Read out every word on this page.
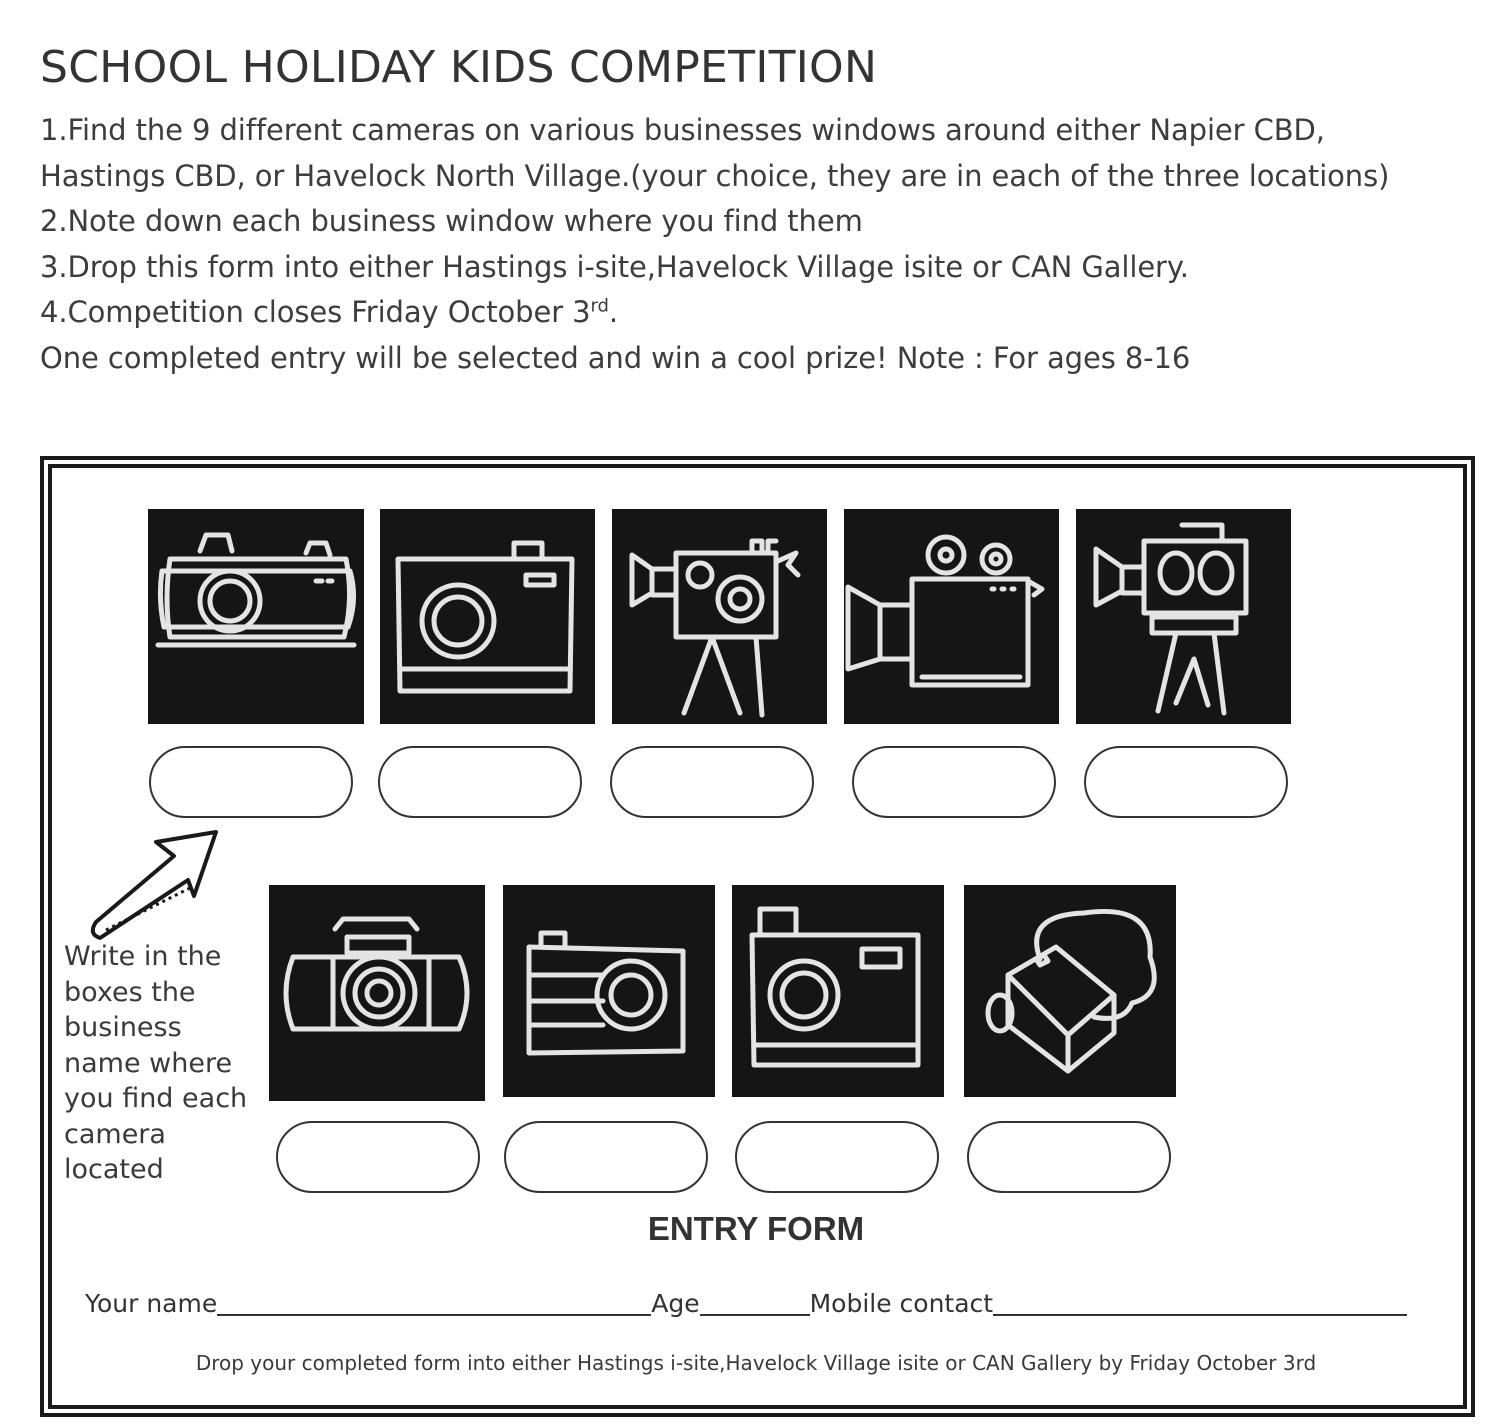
SCHOOL HOLIDAY KIDS COMPETITION
1.Find the 9 different cameras on various businesses windows around either Napier CBD,
Hastings CBD, or Havelock North Village.(your choice, they are in each of the three locations)
2.Note down each business window where you find them
3.Drop this form into either Hastings i-site,Havelock Village isite or CAN Gallery.
4.Competition closes Friday October 3rd.
One completed entry will be selected and win a cool prize! Note : For ages 8-16
Write in the boxes the business name where you find each camera located
ENTRY FORM
Your name	Age	Mobile contact
Drop your completed form into either Hastings i-site,Havelock Village isite or CAN Gallery by Friday October 3rd
